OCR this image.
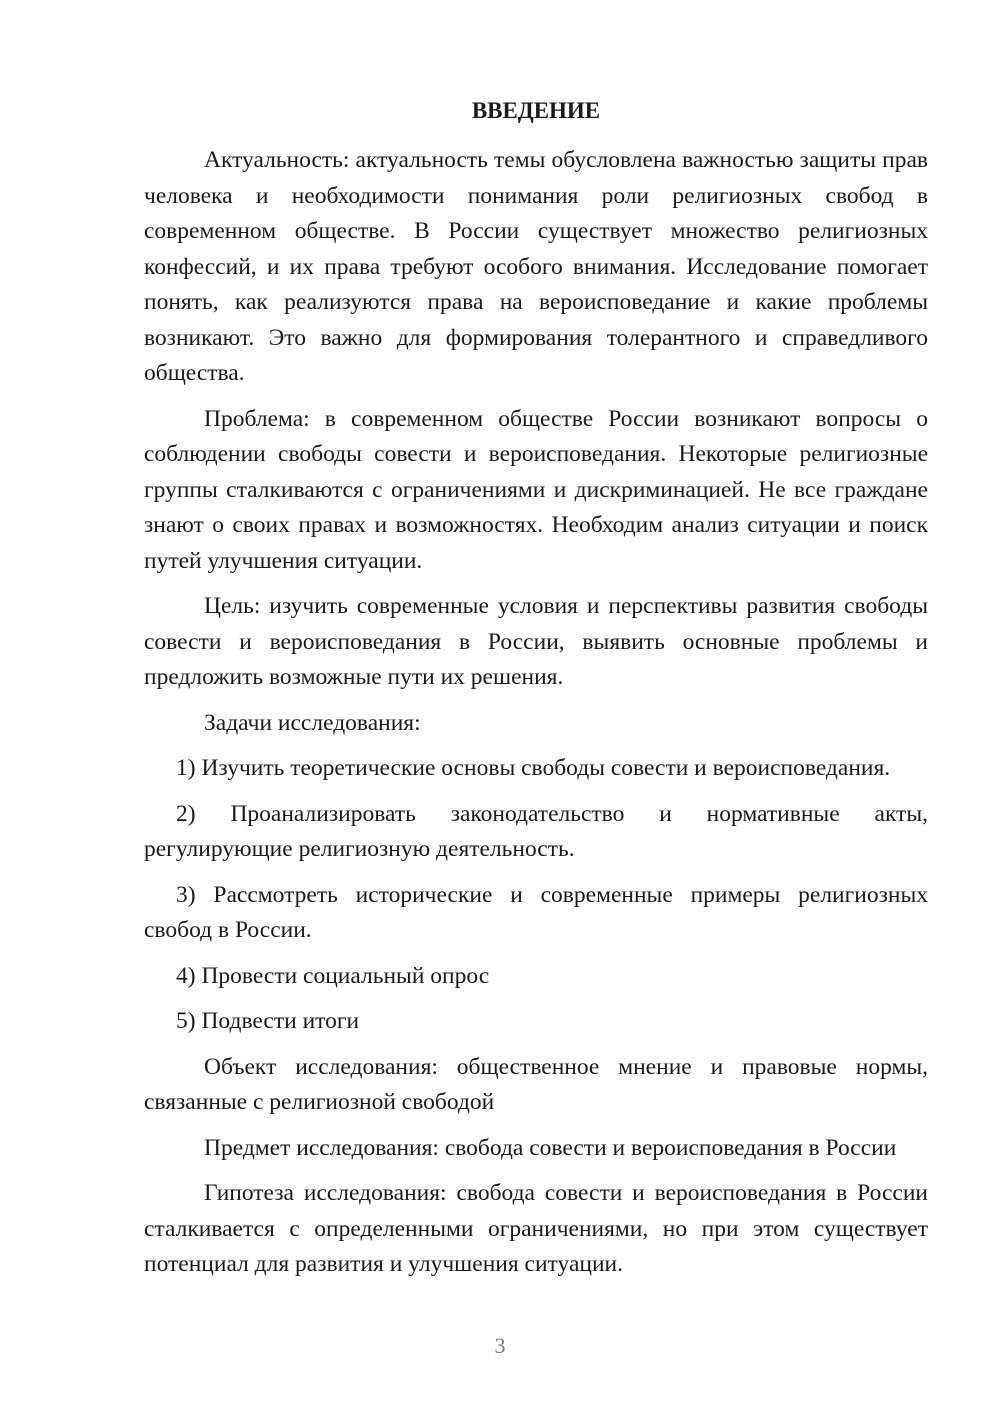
ВВЕДЕНИЕ

Актуальность: актуальность темы обусловлена важностью защиты прав человека и необходимости понимания роли религиозных свобод в современном обществе. В России существует множество религиозных конфессий, и их права требуют особого внимания. Исследование помогает понять, как реализуются права на вероисповедание и какие проблемы возникают. Это важно для формирования толерантного и справедливого общества.

Проблема: в современном обществе России возникают вопросы о соблюдении свободы совести и вероисповедания. Некоторые религиозные группы сталкиваются с ограничениями и дискриминацией. Не все граждане знают о своих правах и возможностях. Необходим анализ ситуации и поиск путей улучшения ситуации.

Цель: изучить современные условия и перспективы развития свободы совести и вероисповедания в России, выявить основные проблемы и предложить возможные пути их решения.

Задачи исследования:

1) Изучить теоретические основы свободы совести и вероисповедания.

2) Проанализировать законодательство и нормативные акты, регулирующие религиозную деятельность.

3) Рассмотреть исторические и современные примеры религиозных свобод в России.

4) Провести социальный опрос

5) Подвести итоги

Объект исследования: общественное мнение и правовые нормы, связанные с религиозной свободой

Предмет исследования: свобода совести и вероисповедания в России

Гипотеза исследования: свобода совести и вероисповедания в России сталкивается с определенными ограничениями, но при этом существует потенциал для развития и улучшения ситуации.

3
